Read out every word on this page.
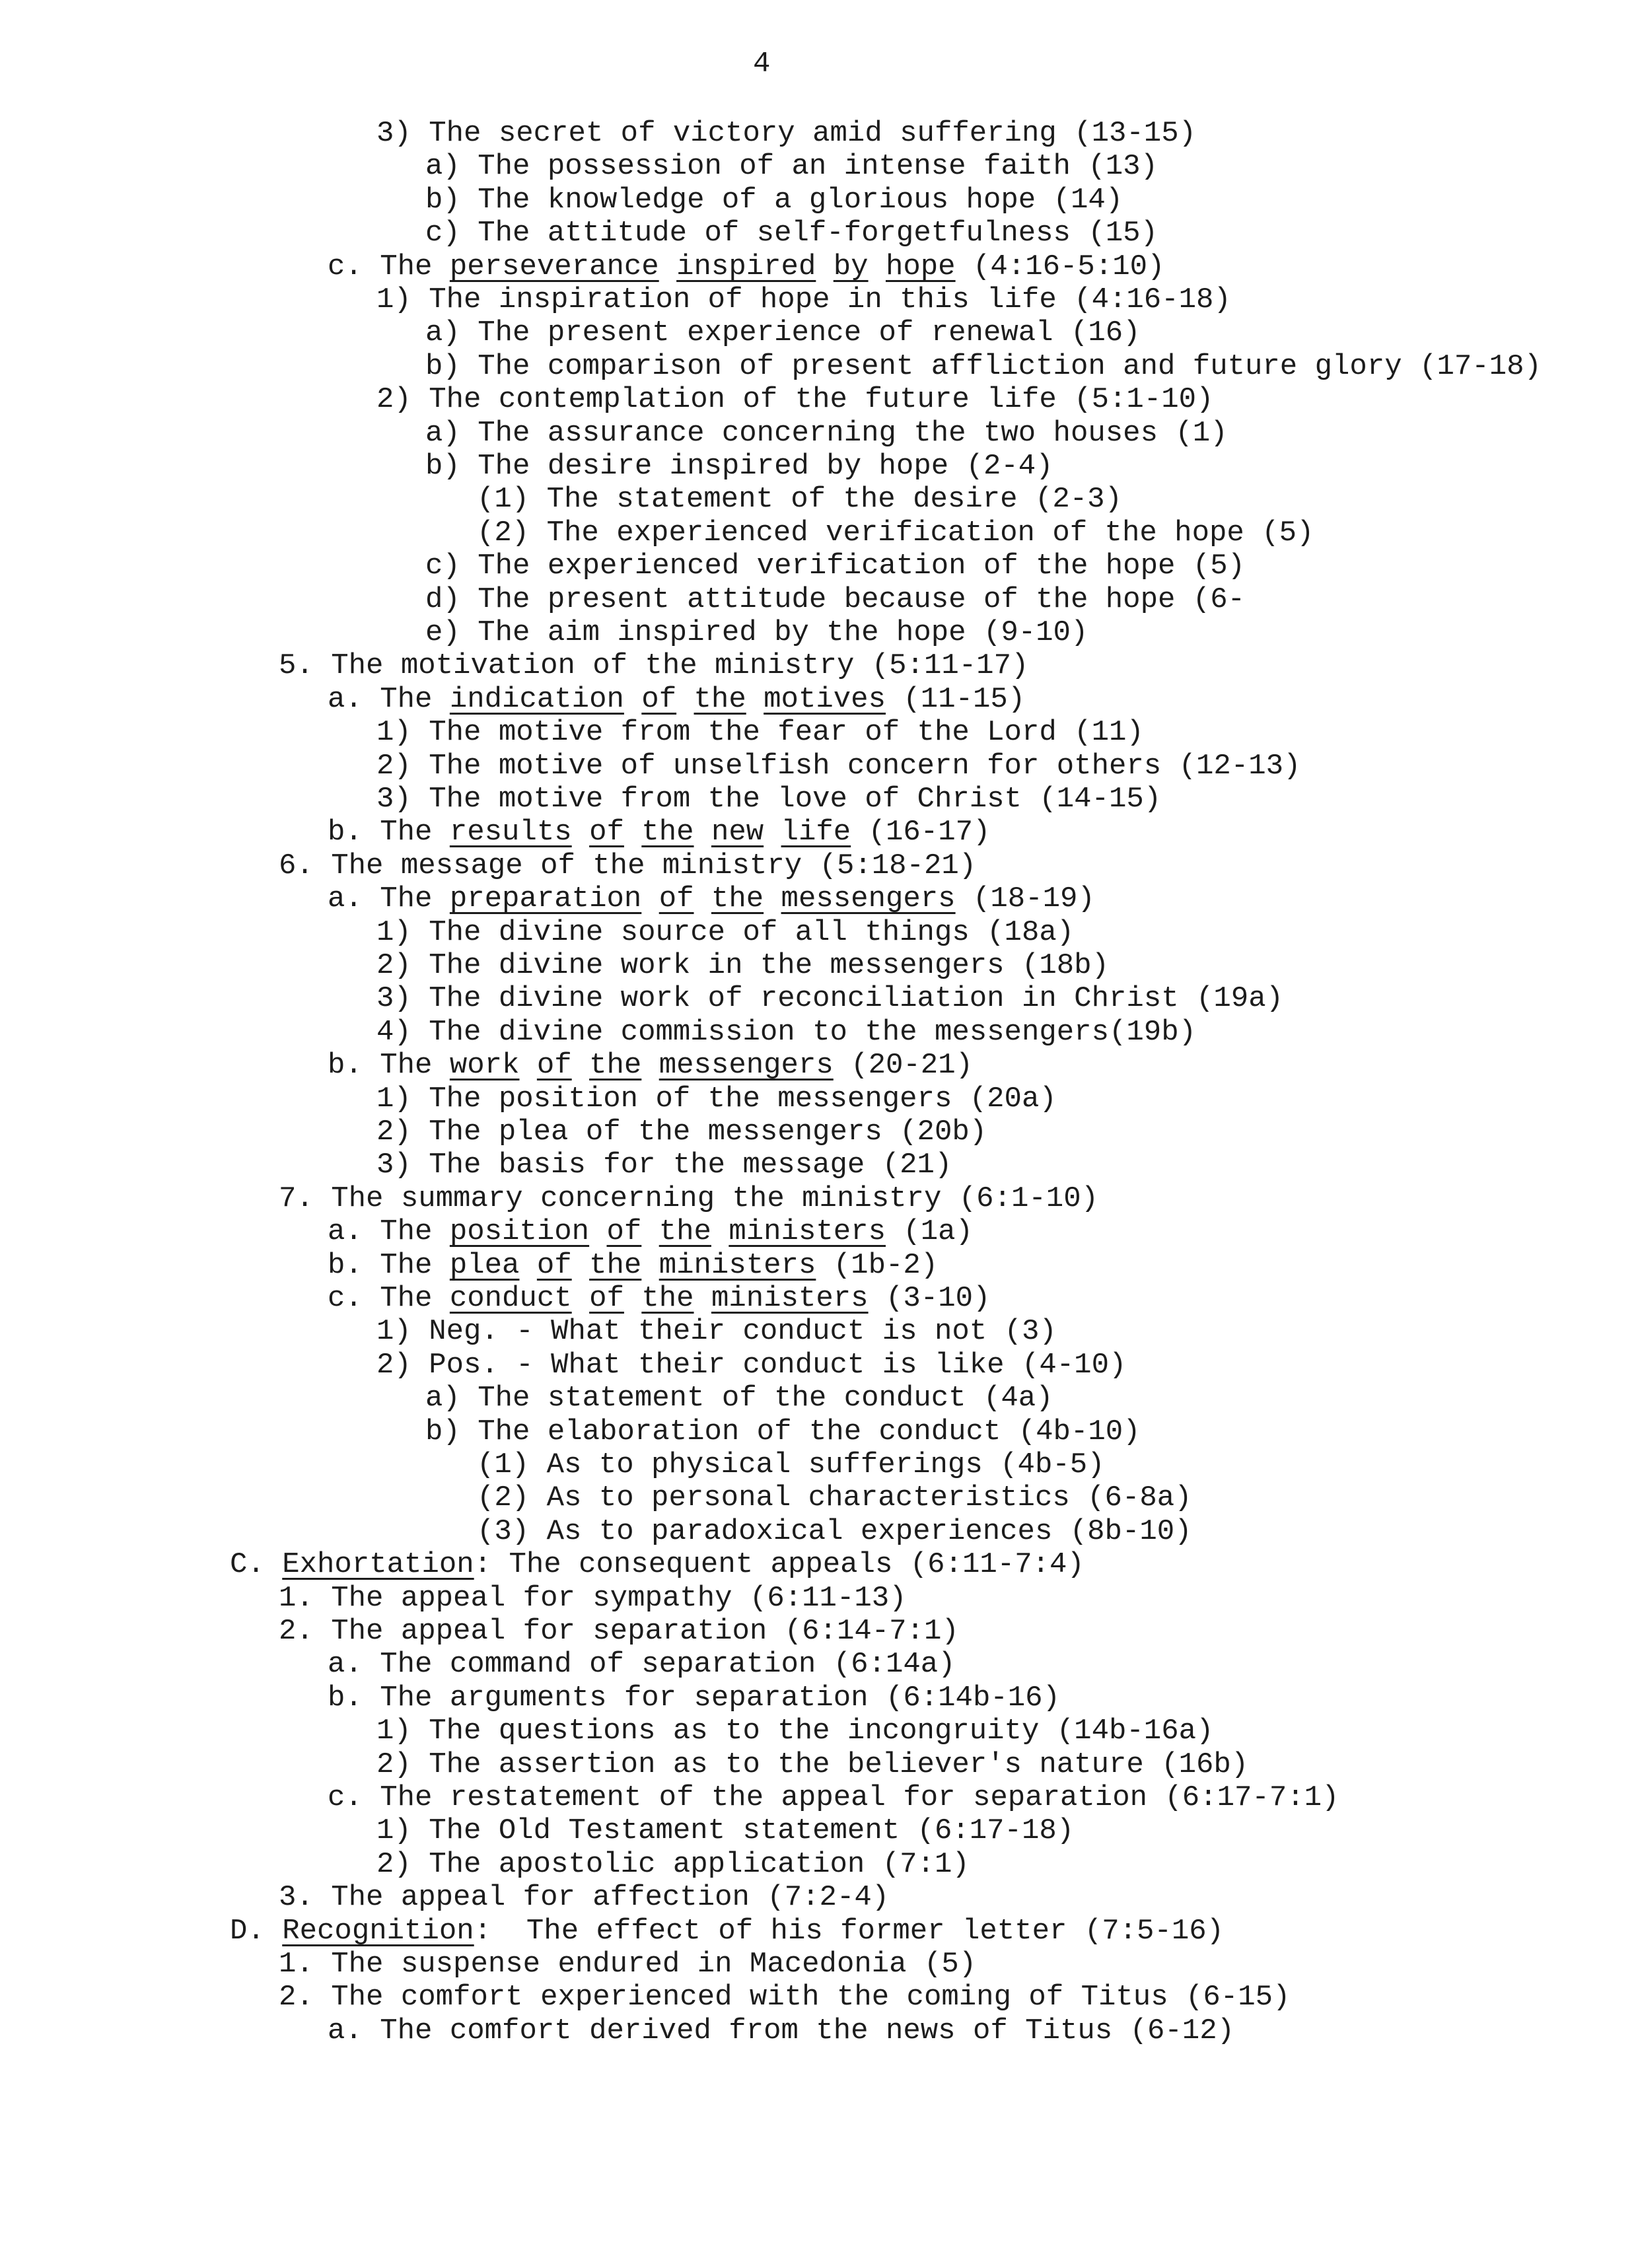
4
3) The secret of victory amid suffering (13-15)
a) The possession of an intense faith (13)
b) The knowledge of a glorious hope (14)
c) The attitude of self-forgetfulness (15)
c. The perseverance inspired by hope (4:16-5:10)
1) The inspiration of hope in this life (4:16-18)
a) The present experience of renewal (16)
b) The comparison of present affliction and future glory (17-18)
2) The contemplation of the future life (5:1-10)
a) The assurance concerning the two houses (1)
b) The desire inspired by hope (2-4)
(1) The statement of the desire (2-3)
(2) The experienced verification of the hope (5)
c) The experienced verification of the hope (5)
d) The present attitude because of the hope (6-
e) The aim inspired by the hope (9-10)
5. The motivation of the ministry (5:11-17)
a. The indication of the motives (11-15)
1) The motive from the fear of the Lord (11)
2) The motive of unselfish concern for others (12-13)
3) The motive from the love of Christ (14-15)
b. The results of the new life (16-17)
6. The message of the ministry (5:18-21)
a. The preparation of the messengers (18-19)
1) The divine source of all things (18a)
2) The divine work in the messengers (18b)
3) The divine work of reconciliation in Christ (19a)
4) The divine commission to the messengers(19b)
b. The work of the messengers (20-21)
1) The position of the messengers (20a)
2) The plea of the messengers (20b)
3) The basis for the message (21)
7. The summary concerning the ministry (6:1-10)
a. The position of the ministers (1a)
b. The plea of the ministers (1b-2)
c. The conduct of the ministers (3-10)
1) Neg. - What their conduct is not (3)
2) Pos. - What their conduct is like (4-10)
a) The statement of the conduct (4a)
b) The elaboration of the conduct (4b-10)
(1) As to physical sufferings (4b-5)
(2) As to personal characteristics (6-8a)
(3) As to paradoxical experiences (8b-10)
C. Exhortation: The consequent appeals (6:11-7:4)
1. The appeal for sympathy (6:11-13)
2. The appeal for separation (6:14-7:1)
a. The command of separation (6:14a)
b. The arguments for separation (6:14b-16)
1) The questions as to the incongruity (14b-16a)
2) The assertion as to the believer's nature (16b)
c. The restatement of the appeal for separation (6:17-7:1)
1) The Old Testament statement (6:17-18)
2) The apostolic application (7:1)
3. The appeal for affection (7:2-4)
D. Recognition:  The effect of his former letter (7:5-16)
1. The suspense endured in Macedonia (5)
2. The comfort experienced with the coming of Titus (6-15)
a. The comfort derived from the news of Titus (6-12)
